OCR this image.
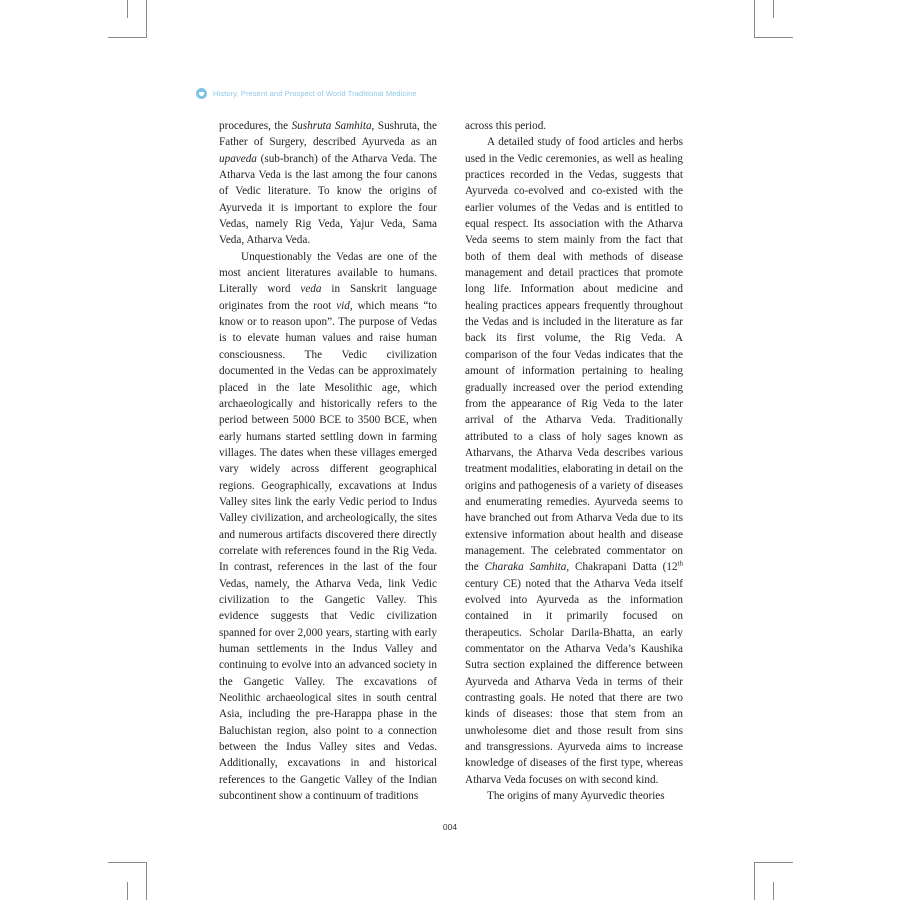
History, Present and Prospect of World Traditional Medicine

procedures, the Sushruta Samhita, Sushruta, the Father of Surgery, described Ayurveda as an upaveda (sub-branch) of the Atharva Veda. The Atharva Veda is the last among the four canons of Vedic literature. To know the origins of Ayurveda it is important to explore the four Vedas, namely Rig Veda, Yajur Veda, Sama Veda, Atharva Veda.

Unquestionably the Vedas are one of the most ancient literatures available to humans. Literally word veda in Sanskrit language originates from the root vid, which means “to know or to reason upon”. The purpose of Vedas is to elevate human values and raise human consciousness. The Vedic civilization documented in the Vedas can be approximately placed in the late Mesolithic age, which archaeologically and historically refers to the period between 5000 BCE to 3500 BCE, when early humans started settling down in farming villages. The dates when these villages emerged vary widely across different geographical regions. Geographically, excavations at Indus Valley sites link the early Vedic period to Indus Valley civilization, and archeologically, the sites and numerous artifacts discovered there directly correlate with references found in the Rig Veda. In contrast, references in the last of the four Vedas, namely, the Atharva Veda, link Vedic civilization to the Gangetic Valley. This evidence suggests that Vedic civilization spanned for over 2,000 years, starting with early human settlements in the Indus Valley and continuing to evolve into an advanced society in the Gangetic Valley. The excavations of Neolithic archaeological sites in south central Asia, including the pre-Harappa phase in the Baluchistan region, also point to a connection between the Indus Valley sites and Vedas. Additionally, excavations in and historical references to the Gangetic Valley of the Indian subcontinent show a continuum of traditions

across this period.

A detailed study of food articles and herbs used in the Vedic ceremonies, as well as healing practices recorded in the Vedas, suggests that Ayurveda co-evolved and co-existed with the earlier volumes of the Vedas and is entitled to equal respect. Its association with the Atharva Veda seems to stem mainly from the fact that both of them deal with methods of disease management and detail practices that promote long life. Information about medicine and healing practices appears frequently throughout the Vedas and is included in the literature as far back its first volume, the Rig Veda. A comparison of the four Vedas indicates that the amount of information pertaining to healing gradually increased over the period extending from the appearance of Rig Veda to the later arrival of the Atharva Veda. Traditionally attributed to a class of holy sages known as Atharvans, the Atharva Veda describes various treatment modalities, elaborating in detail on the origins and pathogenesis of a variety of diseases and enumerating remedies. Ayurveda seems to have branched out from Atharva Veda due to its extensive information about health and disease management. The celebrated commentator on the Charaka Samhita, Chakrapani Datta (12th century CE) noted that the Atharva Veda itself evolved into Ayurveda as the information contained in it primarily focused on therapeutics. Scholar Darila-Bhatta, an early commentator on the Atharva Veda’s Kaushika Sutra section explained the difference between Ayurveda and Atharva Veda in terms of their contrasting goals. He noted that there are two kinds of diseases: those that stem from an unwholesome diet and those result from sins and transgressions. Ayurveda aims to increase knowledge of diseases of the first type, whereas Atharva Veda focuses on with second kind.

The origins of many Ayurvedic theories

004
